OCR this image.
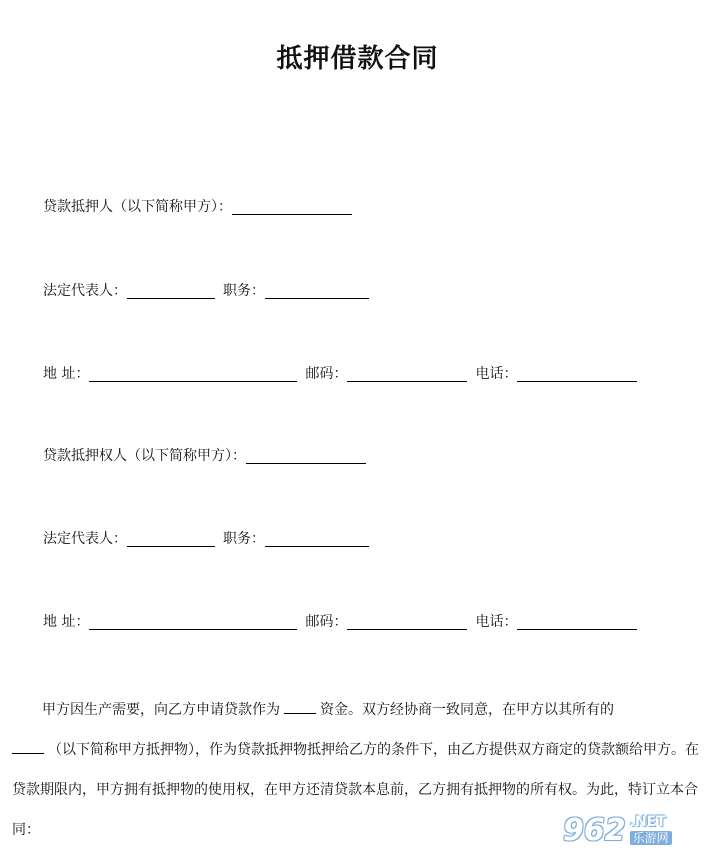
抵押借款合同
贷款抵押人（以下简称甲方）：
法定代表人：	职务：
地 址：	邮码：	电话：
贷款抵押权人（以下简称甲方）：
法定代表人：	职务：
地 址：	邮码：	电话：

甲方因生产需要，向乙方申请贷款作为	资金。双方经协商一致同意，在甲方以其所有的
（以下简称甲方抵押物），作为贷款抵押物抵押给乙方的条件下，由乙方提供双方商定的贷款额给甲方。在贷款期限内，甲方拥有抵押物的使用权，在甲方还清贷款本息前，乙方拥有抵押物的所有权。为此，特订立本合同：	962 .NET
乐游网
